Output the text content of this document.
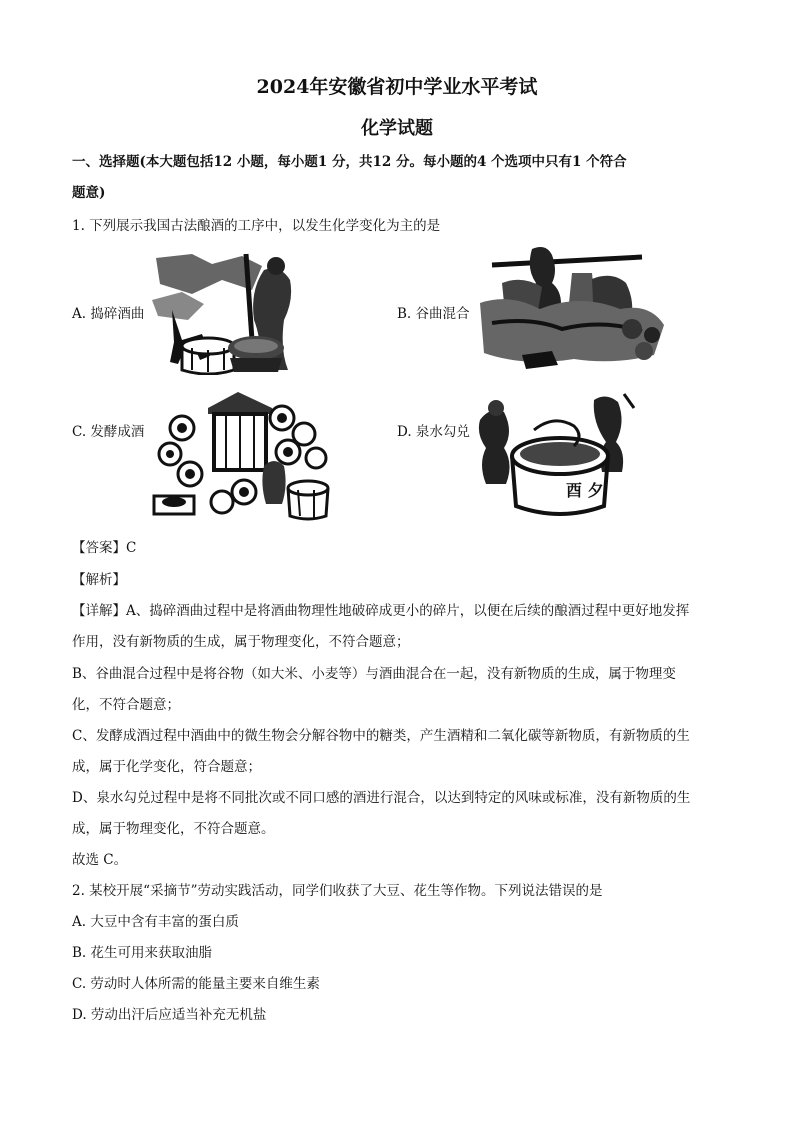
2024年安徽省初中学业水平考试
化学试题
一、选择题(本大题包括12 小题，每小题1 分，共12 分。每小题的4 个选项中只有1 个符合
题意)
1. 下列展示我国古法酿酒的工序中，以发生化学变化为主的是
A. 捣碎酒曲	B. 谷曲混合
C. 发酵成酒	D. 泉水勾兑
酉 夕
【答案】C
【解析】
【详解】A、捣碎酒曲过程中是将酒曲物理性地破碎成更小的碎片，以便在后续的酿酒过程中更好地发挥
作用，没有新物质的生成，属于物理变化，不符合题意；
B、谷曲混合过程中是将谷物（如大米、小麦等）与酒曲混合在一起，没有新物质的生成，属于物理变
化，不符合题意；
C、发酵成酒过程中酒曲中的微生物会分解谷物中的糖类，产生酒精和二氧化碳等新物质，有新物质的生
成，属于化学变化，符合题意；
D、泉水勾兑过程中是将不同批次或不同口感的酒进行混合，以达到特定的风味或标准，没有新物质的生
成，属于物理变化，不符合题意。
故选 C。
2. 某校开展“采摘节”劳动实践活动，同学们收获了大豆、花生等作物。下列说法错误的是
A. 大豆中含有丰富的蛋白质
B. 花生可用来获取油脂
C. 劳动时人体所需的能量主要来自维生素
D. 劳动出汗后应适当补充无机盐
